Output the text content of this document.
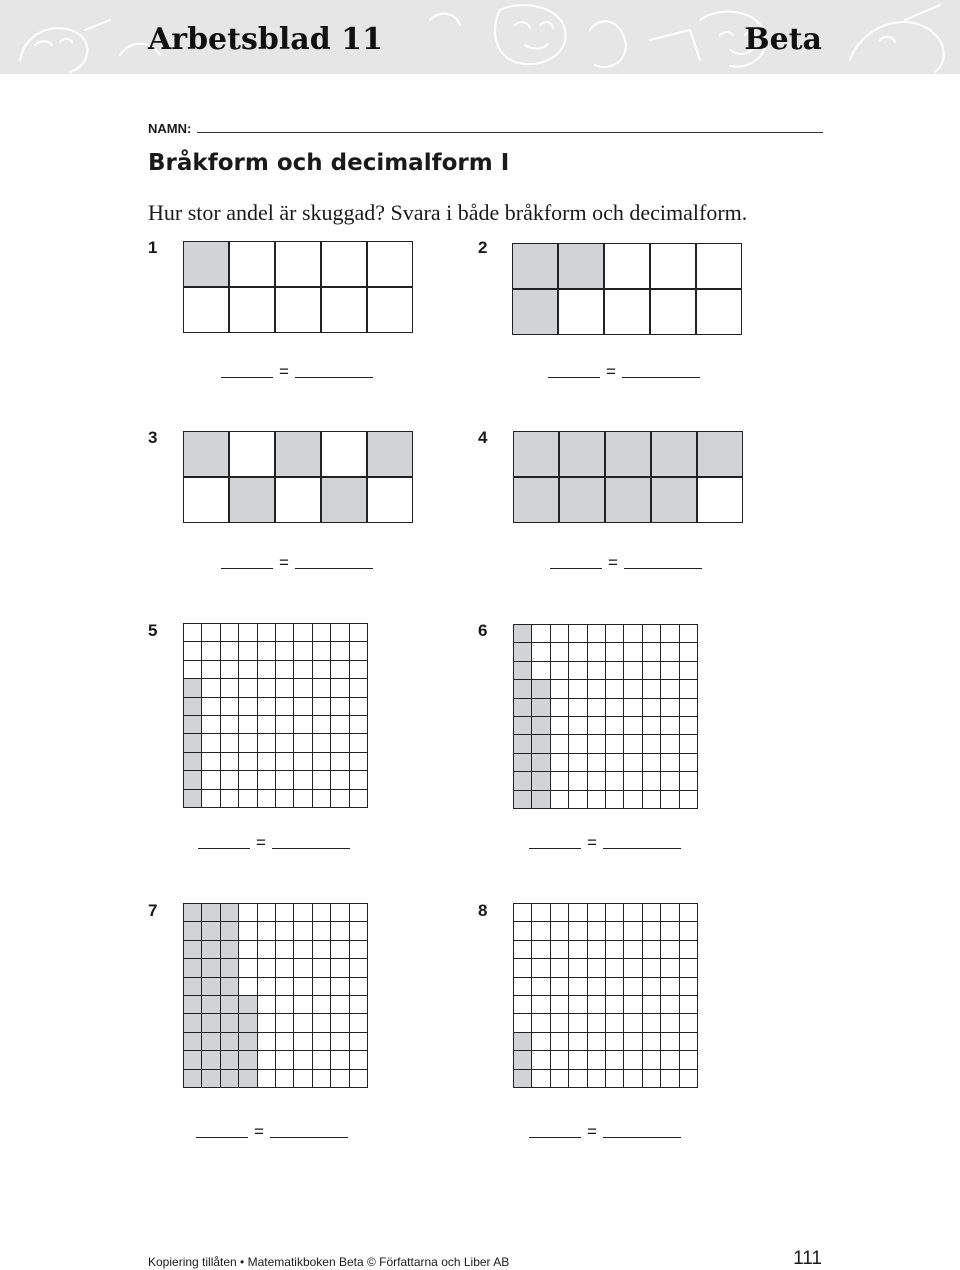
Arbetsblad 11	Beta
NAMN:
Bråkform och decimalform I
Hur stor andel är skuggad? Svara i både bråkform och decimalform.
1
=
2
=
3
=
4
=
5
=
6
=
7
=
8
=
Kopiering tillåten • Matematikboken Beta © Författarna och Liber AB	111
